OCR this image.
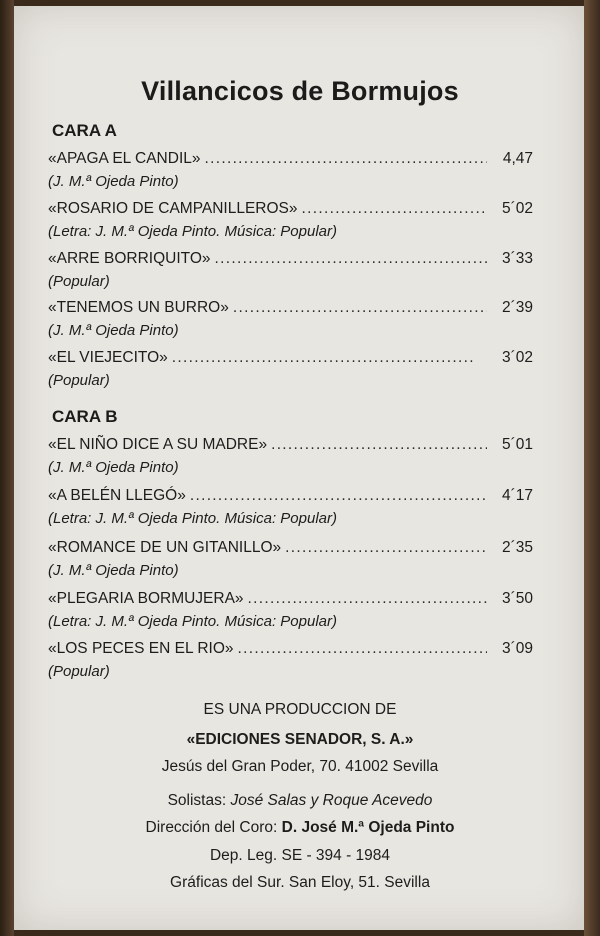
Villancicos de Bormujos
CARA A
«APAGA EL CANDIL» . . .	4,47
(J. M.ª Ojeda Pinto)
«ROSARIO DE CAMPANILLEROS» . . .	5´02
(Letra: J. M.ª Ojeda Pinto. Música: Popular)
«ARRE BORRIQUITO» . . .	3´33
(Popular)
«TENEMOS UN BURRO» . . .	2´39
(J. M.ª Ojeda Pinto)
«EL VIEJECITO» . . .	3´02
(Popular)
CARA B
«EL NIÑO DICE A SU MADRE» . . .	5´01
(J. M.ª Ojeda Pinto)
«A BELÉN LLEGÓ» . . .	4´17
(Letra: J. M.ª Ojeda Pinto. Música: Popular)
«ROMANCE DE UN GITANILLO» . . .	2´35
(J. M.ª Ojeda Pinto)
«PLEGARIA BORMUJERA» . . .	3´50
(Letra: J. M.ª Ojeda Pinto. Música: Popular)
«LOS PECES EN EL RIO» . . .	3´09
(Popular)
ES UNA PRODUCCION DE
«EDICIONES SENADOR, S. A.»
Jesús del Gran Poder, 70. 41002 Sevilla
Solistas: José Salas y Roque Acevedo
Dirección del Coro: D. José M.ª Ojeda Pinto
Dep. Leg. SE - 394 - 1984
Gráficas del Sur. San Eloy, 51. Sevilla
